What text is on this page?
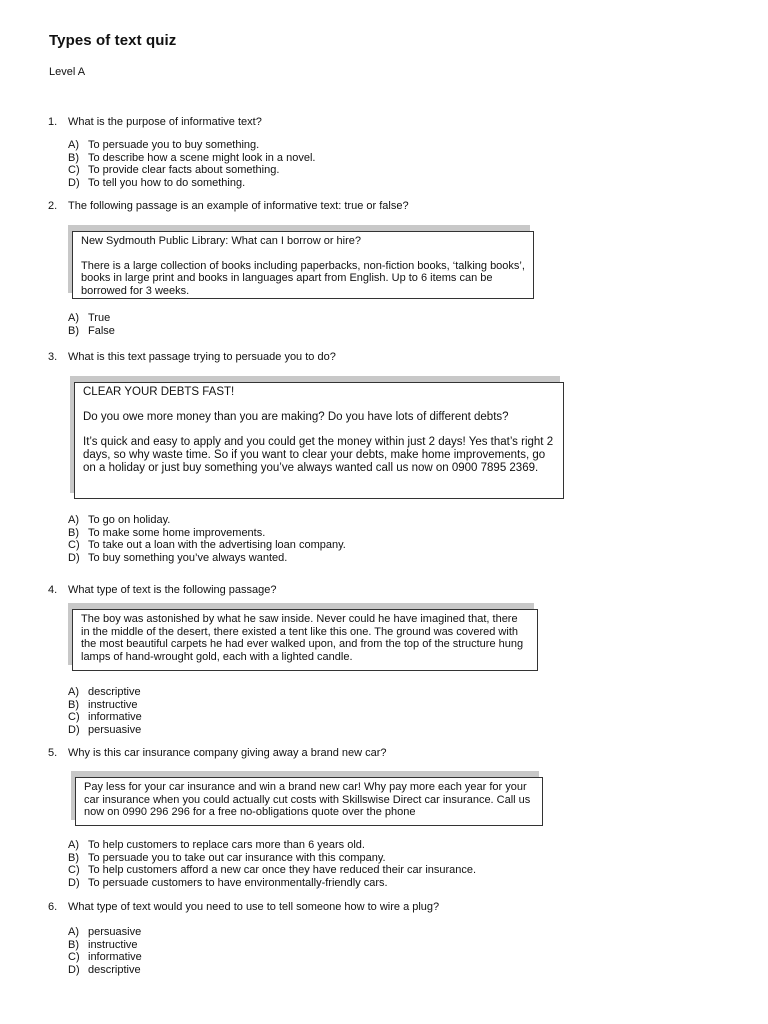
Types of text quiz
Level A
1. What is the purpose of informative text?
A) To persuade you to buy something.
B) To describe how a scene might look in a novel.
C) To provide clear facts about something.
D) To tell you how to do something.
2. The following passage is an example of informative text: true or false?

New Sydmouth Public Library: What can I borrow or hire?

There is a large collection of books including paperbacks, non-fiction books, ‘talking books’, books in large print and books in languages apart from English. Up to 6 items can be borrowed for 3 weeks.

A) True
B) False
3. What is this text passage trying to persuade you to do?

CLEAR YOUR DEBTS FAST!

Do you owe more money than you are making? Do you have lots of different debts?

It’s quick and easy to apply and you could get the money within just 2 days! Yes that’s right 2 days, so why waste time. So if you want to clear your debts, make home improvements, go on a holiday or just buy something you’ve always wanted call us now on 0900 7895 2369.

A) To go on holiday.
B) To make some home improvements.
C) To take out a loan with the advertising loan company.
D) To buy something you’ve always wanted.
4. What type of text is the following passage?

The boy was astonished by what he saw inside. Never could he have imagined that, there in the middle of the desert, there existed a tent like this one. The ground was covered with the most beautiful carpets he had ever walked upon, and from the top of the structure hung lamps of hand-wrought gold, each with a lighted candle.

A) descriptive
B) instructive
C) informative
D) persuasive
5. Why is this car insurance company giving away a brand new car?

Pay less for your car insurance and win a brand new car! Why pay more each year for your car insurance when you could actually cut costs with Skillswise Direct car insurance. Call us now on 0990 296 296 for a free no-obligations quote over the phone

A) To help customers to replace cars more than 6 years old.
B) To persuade you to take out car insurance with this company.
C) To help customers afford a new car once they have reduced their car insurance.
D) To persuade customers to have environmentally-friendly cars.
6. What type of text would you need to use to tell someone how to wire a plug?
A) persuasive
B) instructive
C) informative
D) descriptive
